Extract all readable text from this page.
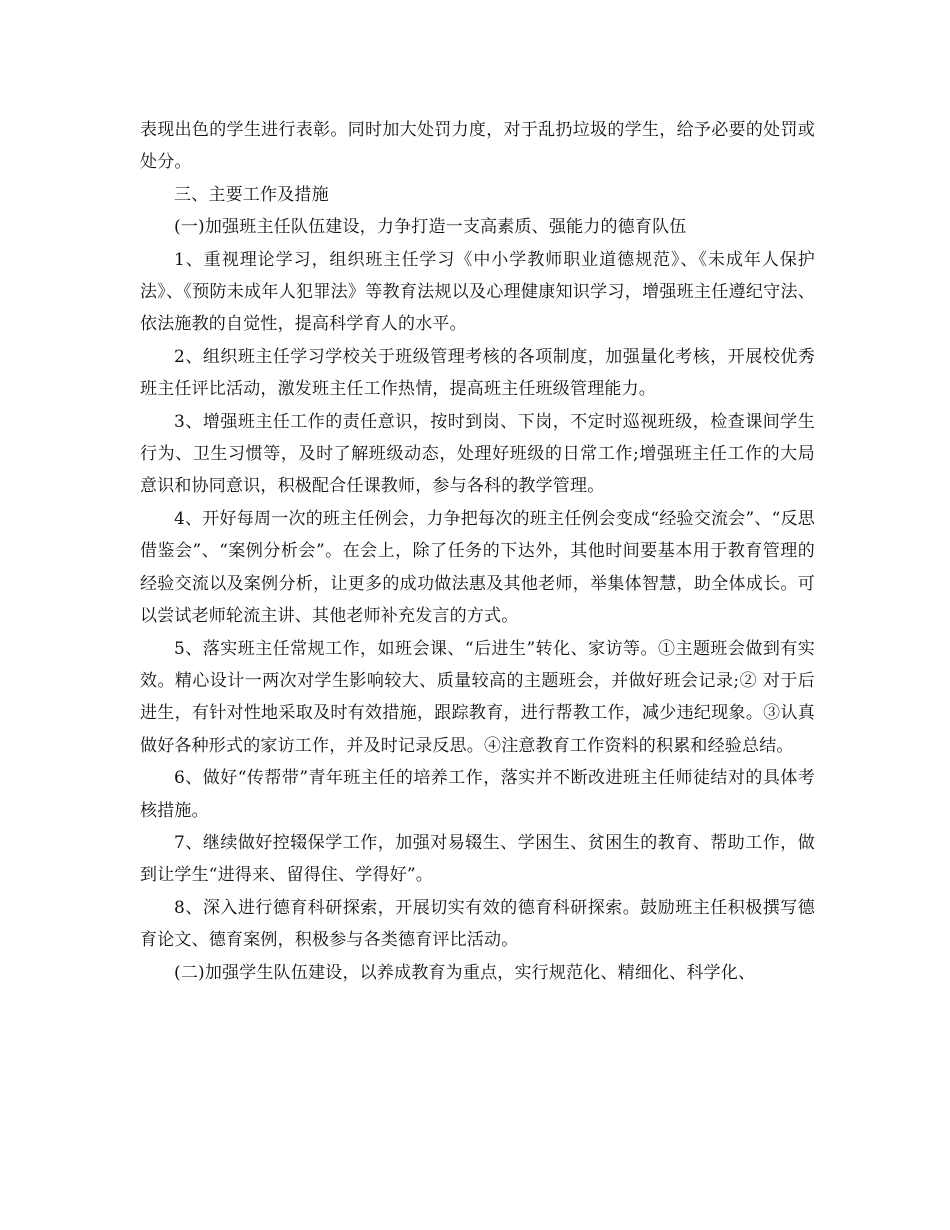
表现出色的学生进行表彰。同时加大处罚力度，对于乱扔垃圾的学生，给予必要的处罚或处分。

三、主要工作及措施

(一)加强班主任队伍建设，力争打造一支高素质、强能力的德育队伍

1、重视理论学习，组织班主任学习《中小学教师职业道德规范》、《未成年人保护法》、《预防未成年人犯罪法》等教育法规以及心理健康知识学习，增强班主任遵纪守法、依法施教的自觉性，提高科学育人的水平。

2、组织班主任学习学校关于班级管理考核的各项制度，加强量化考核，开展校优秀班主任评比活动，激发班主任工作热情，提高班主任班级管理能力。

3、增强班主任工作的责任意识，按时到岗、下岗，不定时巡视班级，检查课间学生行为、卫生习惯等，及时了解班级动态，处理好班级的日常工作;增强班主任工作的大局意识和协同意识，积极配合任课教师，参与各科的教学管理。

4、开好每周一次的班主任例会，力争把每次的班主任例会变成“经验交流会”、“反思借鉴会”、“案例分析会”。在会上，除了任务的下达外，其他时间要基本用于教育管理的经验交流以及案例分析，让更多的成功做法惠及其他老师，举集体智慧，助全体成长。可以尝试老师轮流主讲、其他老师补充发言的方式。

5、落实班主任常规工作，如班会课、“后进生”转化、家访等。①主题班会做到有实效。精心设计一两次对学生影响较大、质量较高的主题班会，并做好班会记录;② 对于后进生，有针对性地采取及时有效措施，跟踪教育，进行帮教工作，减少违纪现象。③认真做好各种形式的家访工作，并及时记录反思。④注意教育工作资料的积累和经验总结。

6、做好“传帮带”青年班主任的培养工作，落实并不断改进班主任师徒结对的具体考核措施。

7、继续做好控辍保学工作，加强对易辍生、学困生、贫困生的教育、帮助工作，做到让学生“进得来、留得住、学得好”。

8、深入进行德育科研探索，开展切实有效的德育科研探索。鼓励班主任积极撰写德育论文、德育案例，积极参与各类德育评比活动。

(二)加强学生队伍建设，以养成教育为重点，实行规范化、精细化、科学化、
